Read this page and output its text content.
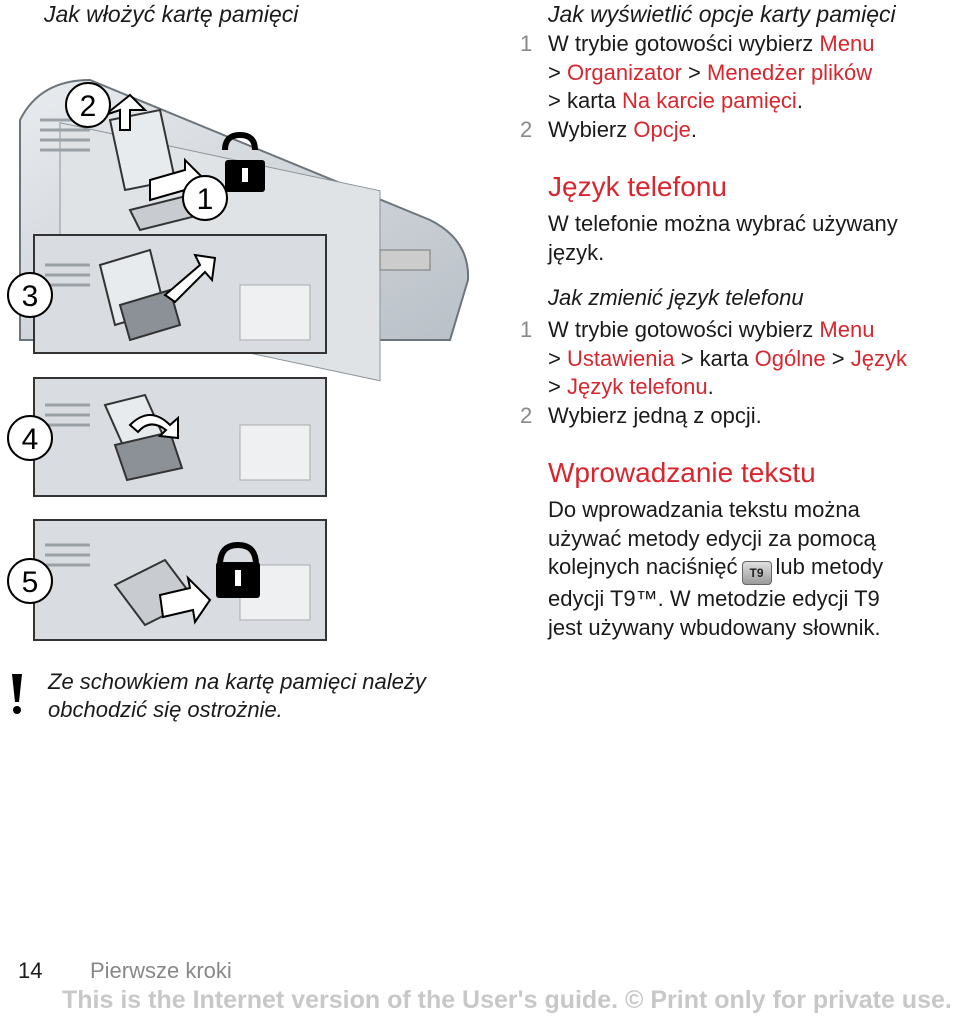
Jak włożyć kartę pamięci
2
1
3
4
5
Ze schowkiem na kartę pamięci należy
obchodzić się ostrożnie.
Jak wyświetlić opcje karty pamięci
1 W trybie gotowości wybierz Menu
> Organizator > Menedżer plików
> karta Na karcie pamięci.
2 Wybierz Opcje.
Język telefonu
W telefonie można wybrać używany
język.
Jak zmienić język telefonu
1 W trybie gotowości wybierz Menu
> Ustawienia > karta Ogólne > Język
> Język telefonu.
2 Wybierz jedną z opcji.
Wprowadzanie tekstu
Do wprowadzania tekstu można
używać metody edycji za pomocą
kolejnych naciśnięć T9 lub metody
edycji T9™. W metodzie edycji T9
jest używany wbudowany słownik.
14 Pierwsze kroki
This is the Internet version of the User's guide. © Print only for private use.
